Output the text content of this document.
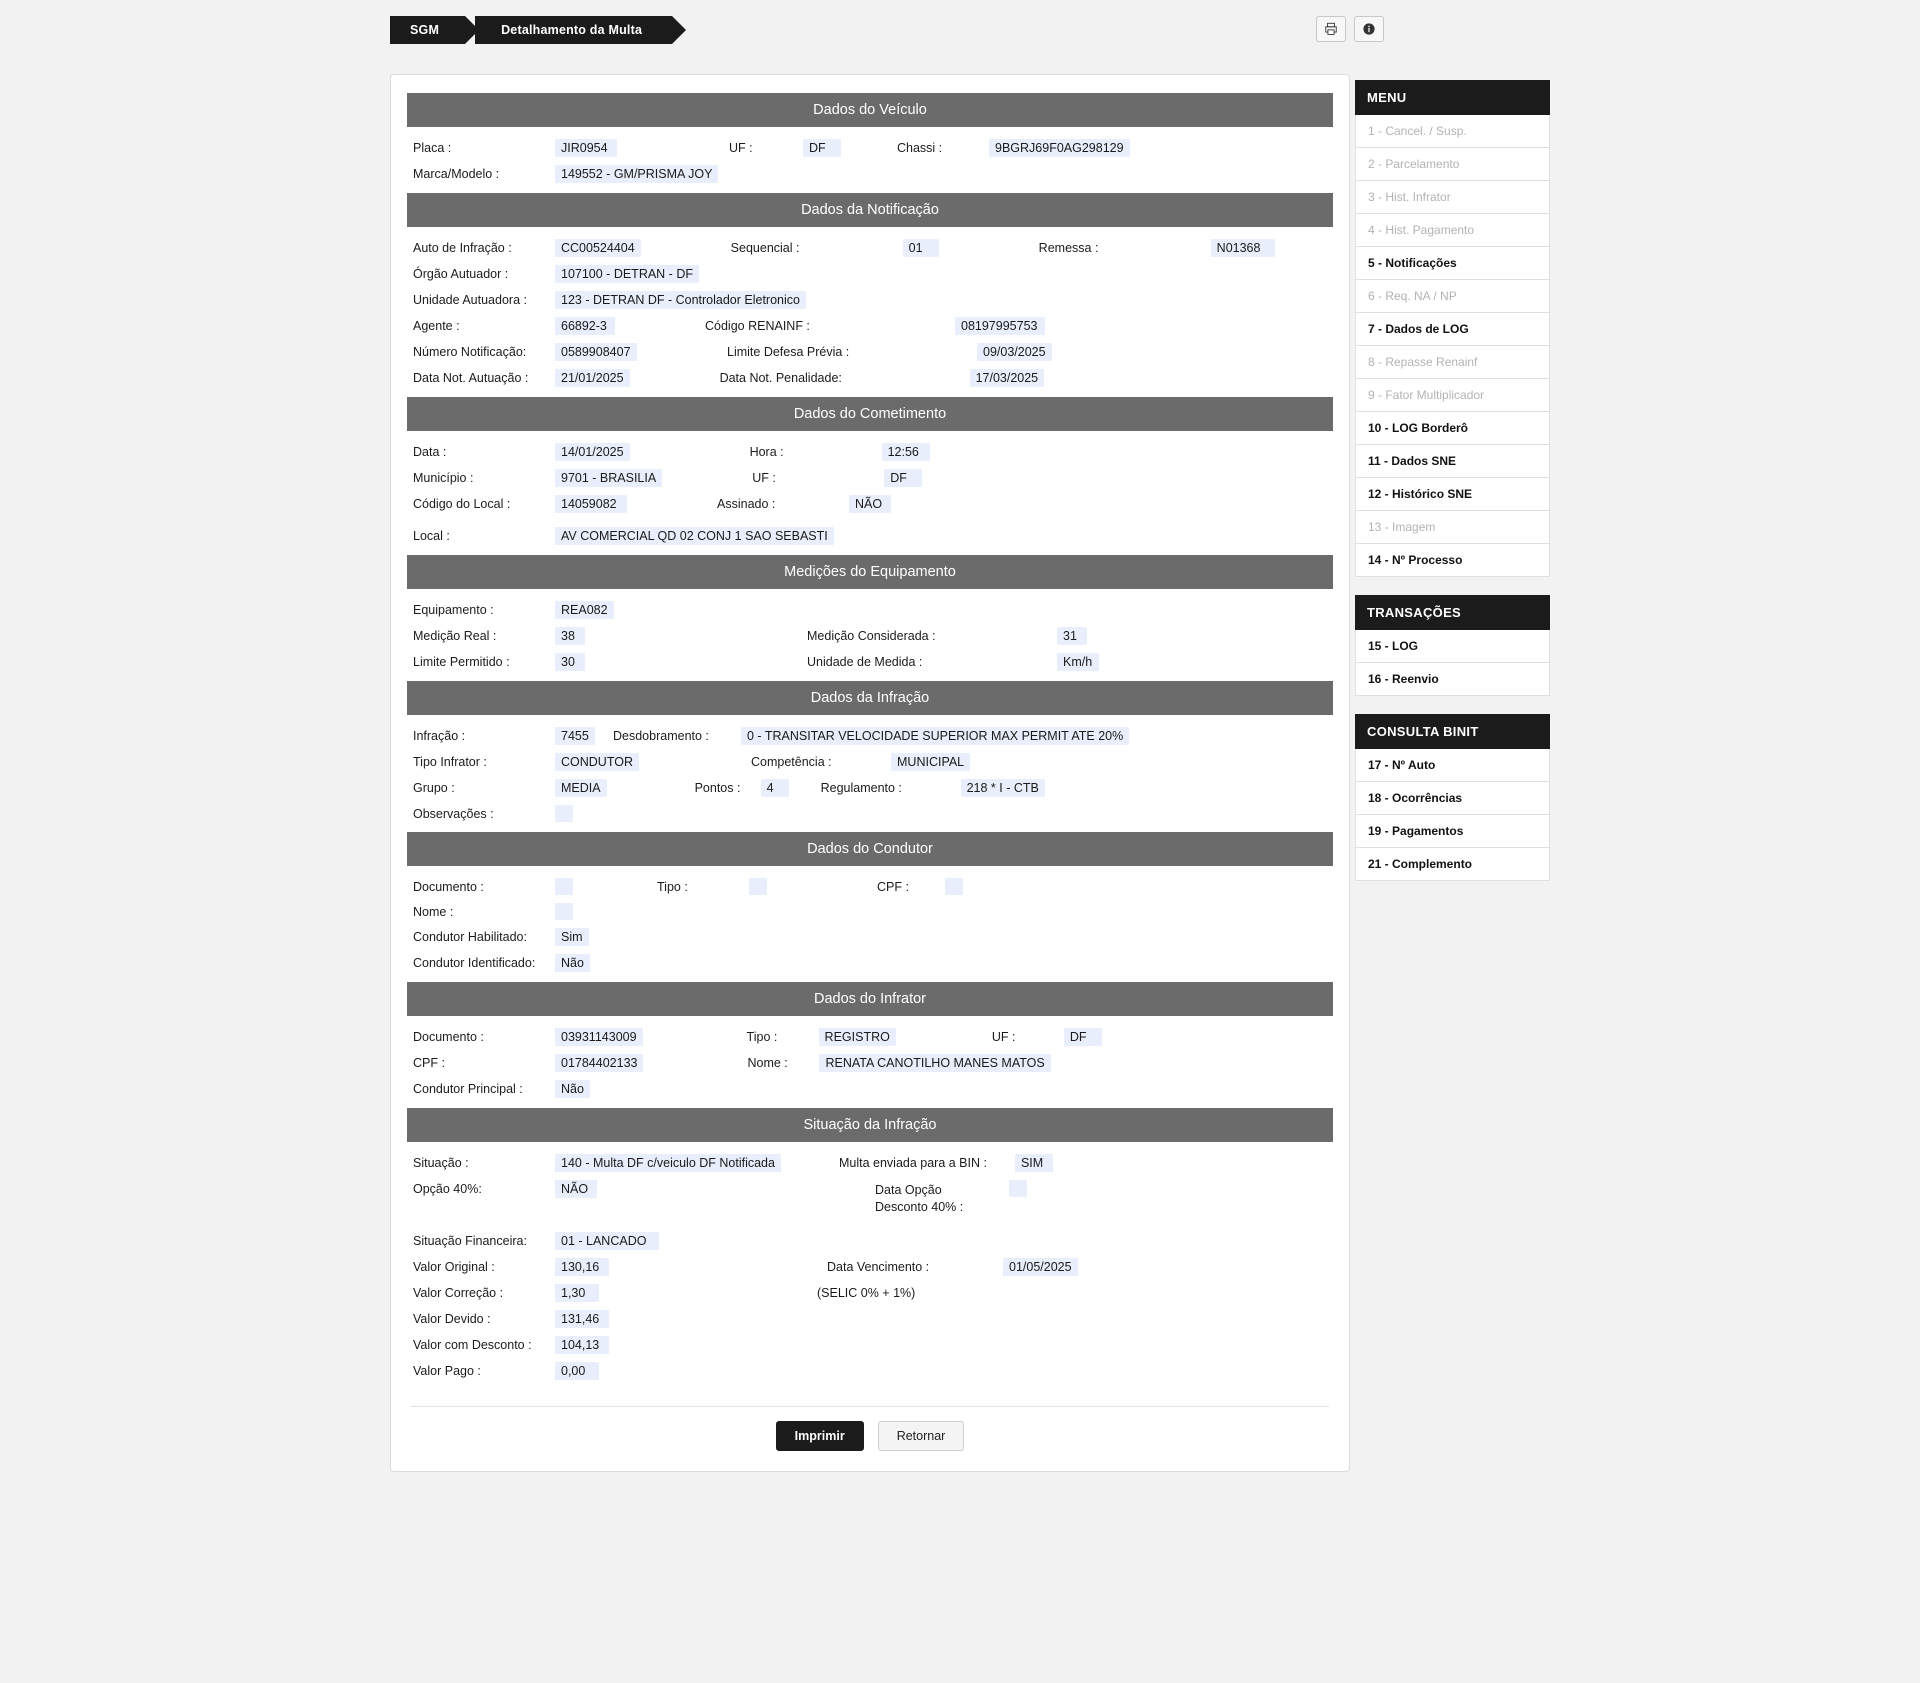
SGM	Detalhamento da Multa
Dados do Veículo
Placa :	JIR0954	UF :	DF	Chassi :	9BGRJ69F0AG298129
Marca/Modelo :	149552 - GM/PRISMA JOY
Dados da Notificação
Auto de Infração :	CC00524404	Sequencial :	01	Remessa :	N01368
Órgão Autuador :	107100 - DETRAN - DF
Unidade Autuadora :	123 - DETRAN DF - Controlador Eletronico
Agente :	66892-3	Código RENAINF :	08197995753
Número Notificação:	0589908407	Limite Defesa Prévia :	09/03/2025
Data Not. Autuação :	21/01/2025	Data Not. Penalidade:	17/03/2025
Dados do Cometimento
Data :	14/01/2025	Hora :	12:56
Município :	9701 - BRASILIA	UF :	DF
Código do Local :	14059082	Assinado :	NÃO
Local :	AV COMERCIAL QD 02 CONJ 1 SAO SEBASTI
Medições do Equipamento
Equipamento :	REA082
Medição Real :	38	Medição Considerada :	31
Limite Permitido :	30	Unidade de Medida :	Km/h
Dados da Infração
Infração :	7455	Desdobramento :	0 - TRANSITAR VELOCIDADE SUPERIOR MAX PERMIT ATE 20%
Tipo Infrator :	CONDUTOR	Competência :	MUNICIPAL
Grupo :	MEDIA	Pontos :	4	Regulamento :	218 * I - CTB
Observações :
Dados do Condutor
Documento :	Tipo :	CPF :
Nome :
Condutor Habilitado:	Sim
Condutor Identificado:	Não
Dados do Infrator
Documento :	03931143009	Tipo :	REGISTRO	UF :	DF
CPF :	01784402133	Nome :	RENATA CANOTILHO MANES MATOS
Condutor Principal :	Não
Situação da Infração
Situação :	140 - Multa DF c/veiculo DF Notificada	Multa enviada para a BIN :	SIM
Opção 40%:	NÃO	Data Opção Desconto 40% :
Situação Financeira:	01 - LANCADO
Valor Original :	130,16	Data Vencimento :	01/05/2025
Valor Correção :	1,30	(SELIC 0% + 1%)
Valor Devido :	131,46
Valor com Desconto :	104,13
Valor Pago :	0,00
Imprimir	Retornar
MENU
1 - Cancel. / Susp.
2 - Parcelamento
3 - Hist. Infrator
4 - Hist. Pagamento
5 - Notificações
6 - Req. NA / NP
7 - Dados de LOG
8 - Repasse Renainf
9 - Fator Multiplicador
10 - LOG Borderô
11 - Dados SNE
12 - Histórico SNE
13 - Imagem
14 - Nº Processo
TRANSAÇÕES
15 - LOG
16 - Reenvio
CONSULTA BINIT
17 - Nº Auto
18 - Ocorrências
19 - Pagamentos
21 - Complemento
